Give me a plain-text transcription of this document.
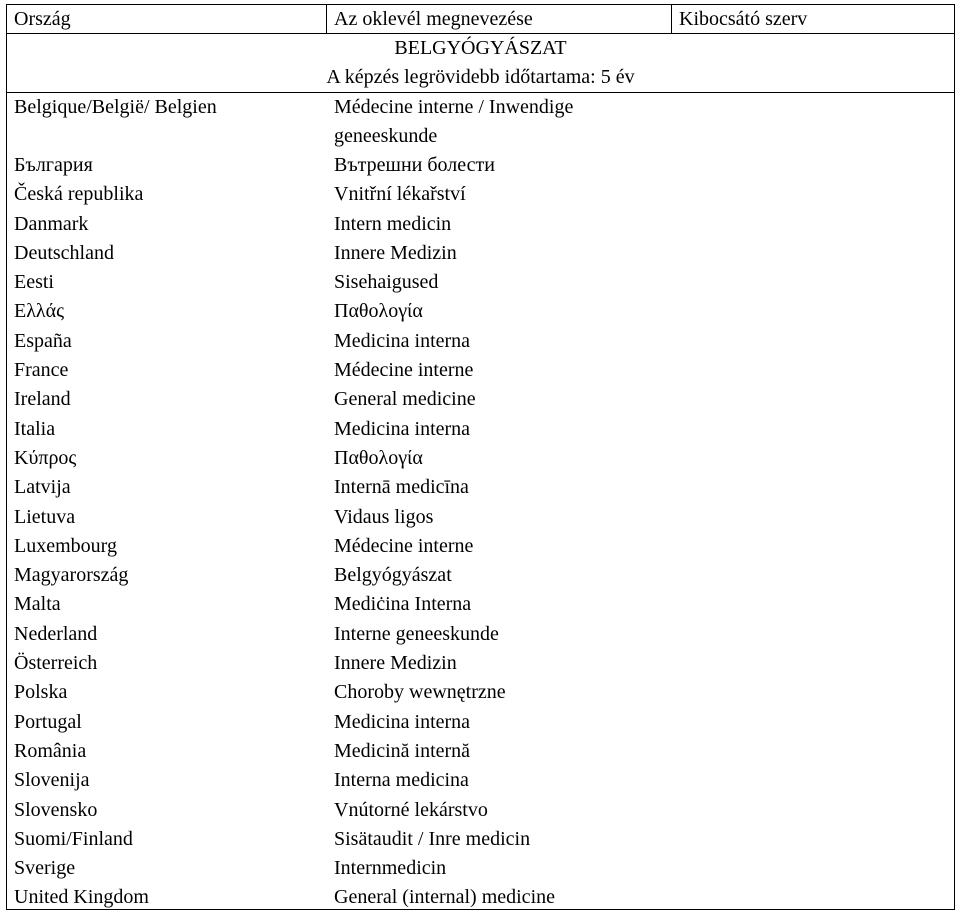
Ország	Az oklevél megnevezése	Kibocsátó szerv
BELGYÓGYÁSZAT
A képzés legrövidebb időtartama: 5 év
Belgique/België/ Belgien	Médecine interne / Inwendige geneeskunde
България	Вътрешни болести
Česká republika	Vnitřní lékařství
Danmark	Intern medicin
Deutschland	Innere Medizin
Eesti	Sisehaigused
Ελλάς	Παθολογία
España	Medicina interna
France	Médecine interne
Ireland	General medicine
Italia	Medicina interna
Κύπρος	Παθολογία
Latvija	Internā medicīna
Lietuva	Vidaus ligos
Luxembourg	Médecine interne
Magyarország	Belgyógyászat
Malta	Mediċina Interna
Nederland	Interne geneeskunde
Österreich	Innere Medizin
Polska	Choroby wewnętrzne
Portugal	Medicina interna
România	Medicină internă
Slovenija	Interna medicina
Slovensko	Vnútorné lekárstvo
Suomi/Finland	Sisätaudit / Inre medicin
Sverige	Internmedicin
United Kingdom	General (internal) medicine
